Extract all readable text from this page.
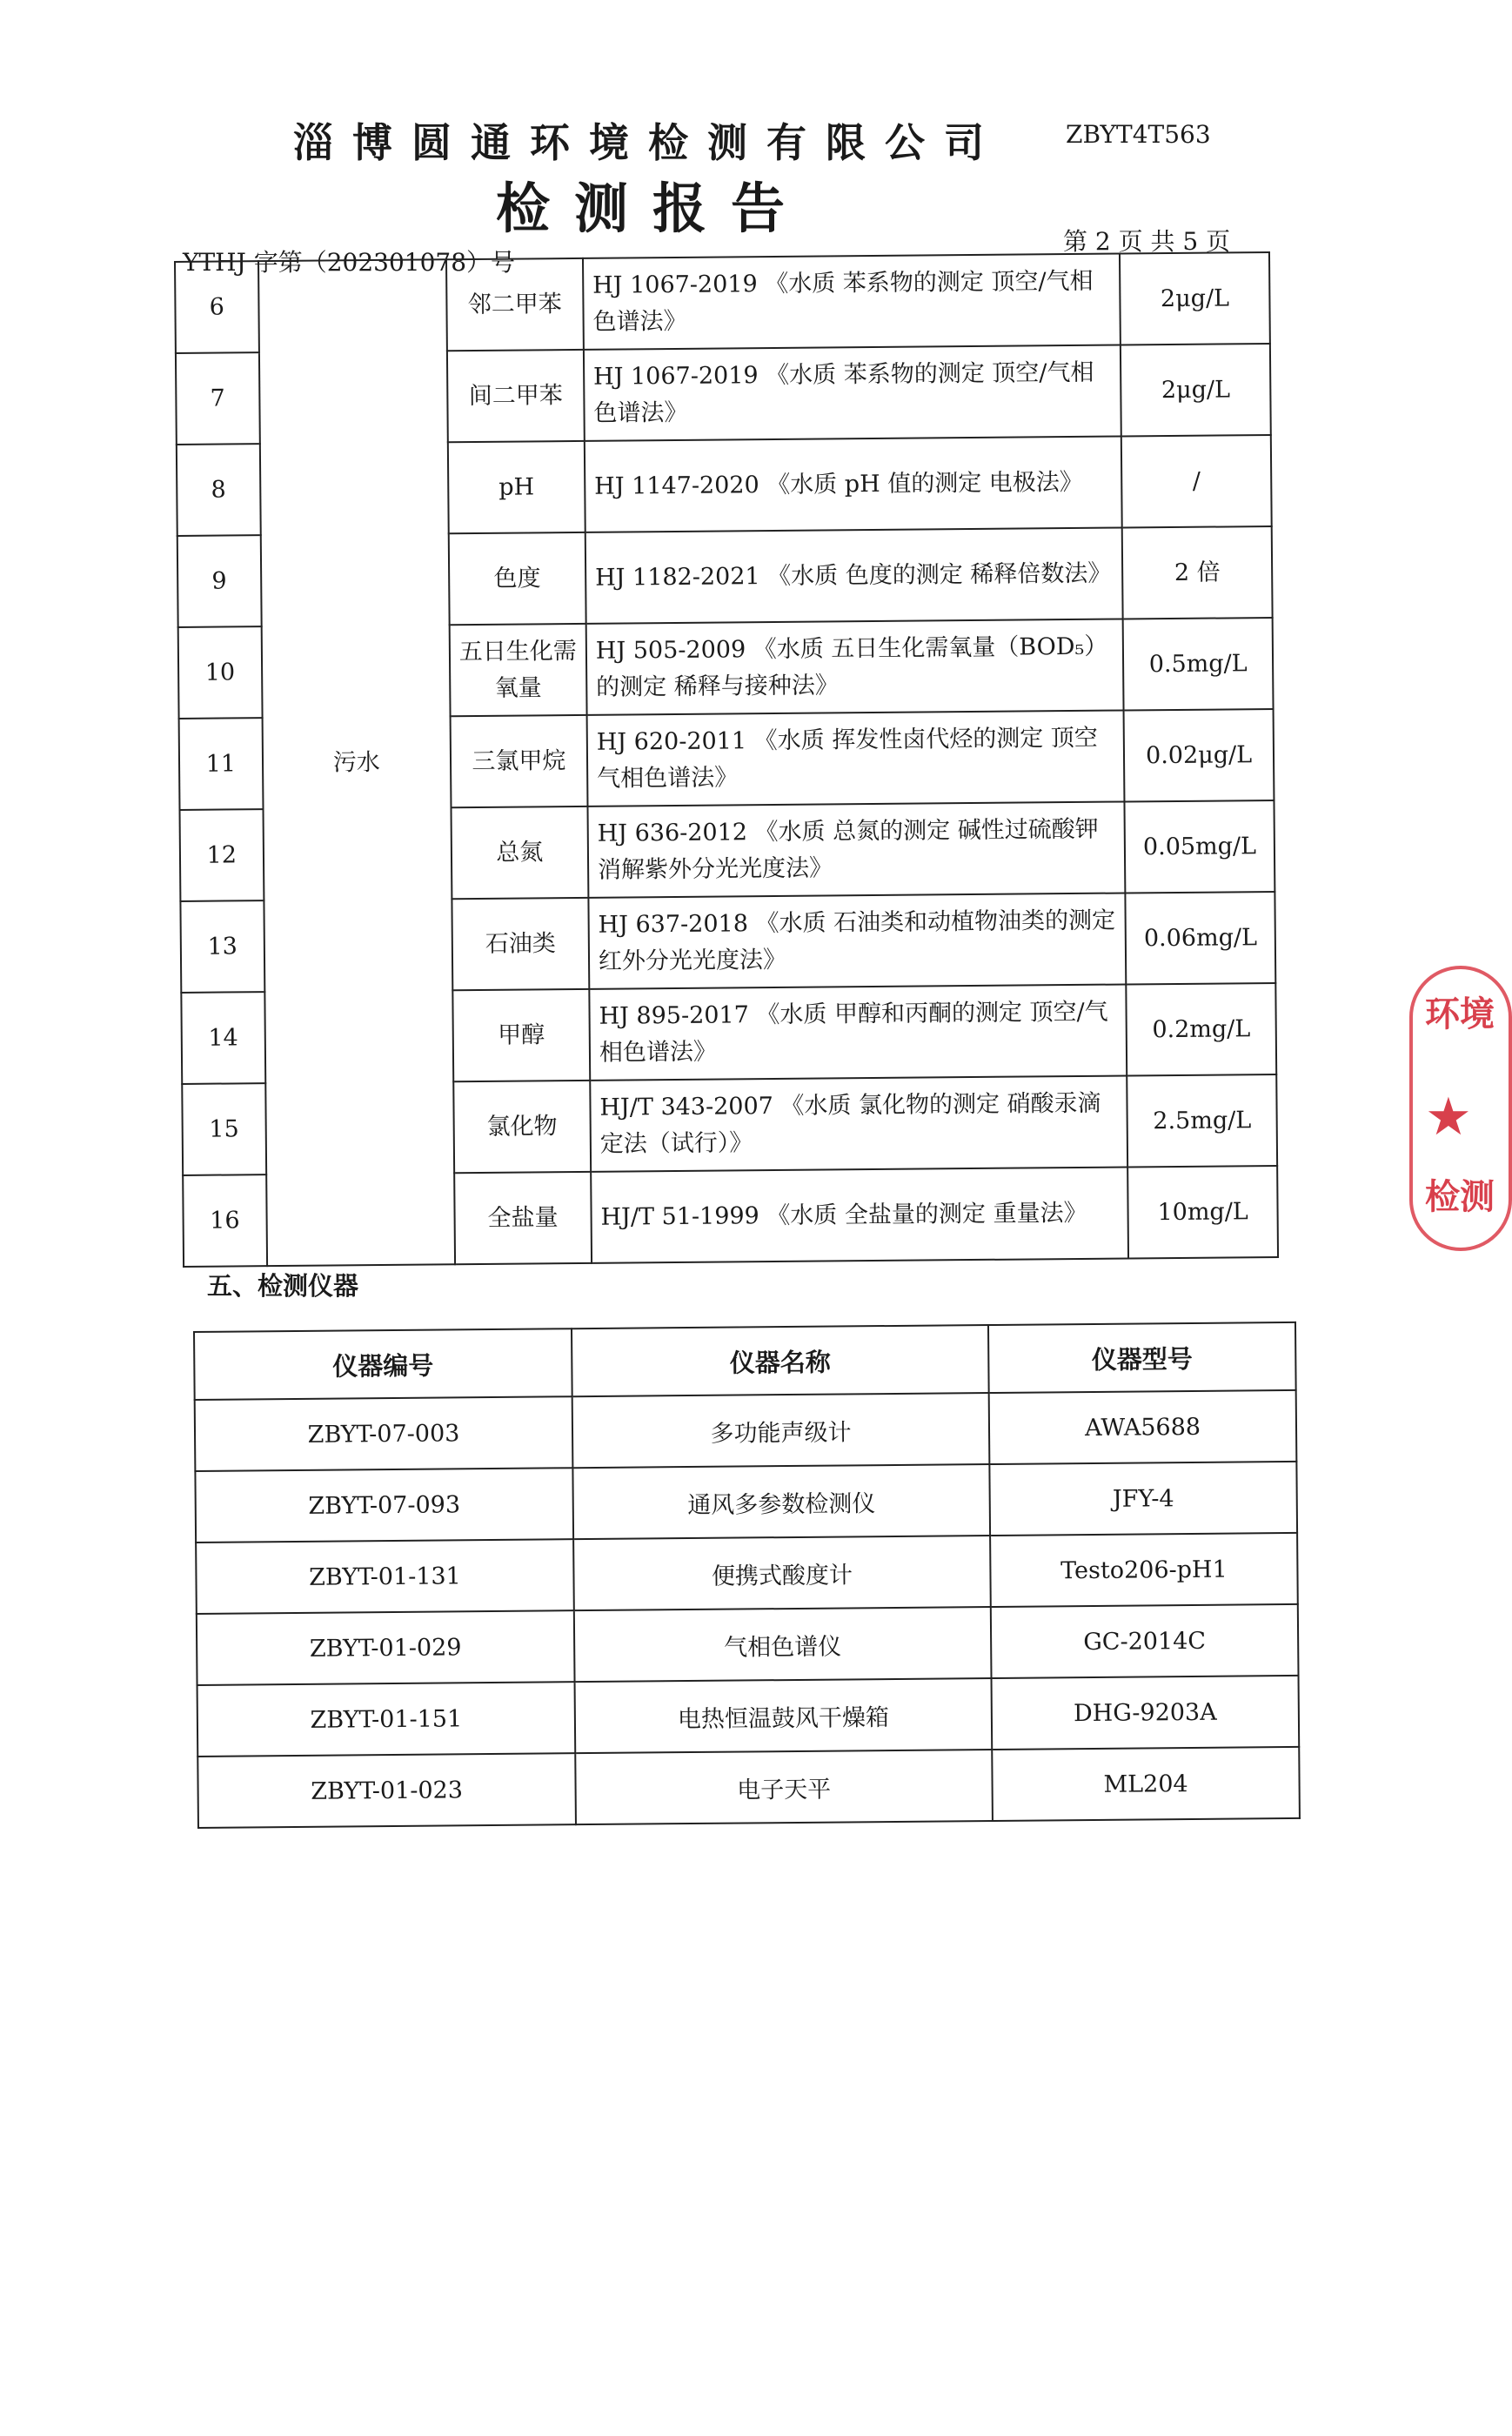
淄博圆通环境检测有限公司	ZBYT4T563
检测报告
第 2 页 共 5 页
YTHJ 字第（202301078）号
6	污水	邻二甲苯	HJ 1067-2019 《水质 苯系物的测定 顶空/气相色谱法》	2μg/L
7		间二甲苯	HJ 1067-2019 《水质 苯系物的测定 顶空/气相色谱法》	2μg/L
8		pH	HJ 1147-2020 《水质 pH 值的测定 电极法》	/
9		色度	HJ 1182-2021 《水质 色度的测定 稀释倍数法》	2 倍
10		五日生化需氧量	HJ 505-2009 《水质 五日生化需氧量（BOD₅）的测定 稀释与接种法》	0.5mg/L
11		三氯甲烷	HJ 620-2011 《水质 挥发性卤代烃的测定 顶空气相色谱法》	0.02μg/L
12		总氮	HJ 636-2012 《水质 总氮的测定 碱性过硫酸钾消解紫外分光光度法》	0.05mg/L
13		石油类	HJ 637-2018 《水质 石油类和动植物油类的测定 红外分光光度法》	0.06mg/L
14		甲醇	HJ 895-2017 《水质 甲醇和丙酮的测定 顶空/气相色谱法》	0.2mg/L
15		氯化物	HJ/T 343-2007 《水质 氯化物的测定 硝酸汞滴定法（试行）》	2.5mg/L
16		全盐量	HJ/T 51-1999 《水质 全盐量的测定 重量法》	10mg/L
五、检测仪器
仪器编号	仪器名称	仪器型号
ZBYT-07-003	多功能声级计	AWA5688
ZBYT-07-093	通风多参数检测仪	JFY-4
ZBYT-01-131	便携式酸度计	Testo206-pH1
ZBYT-01-029	气相色谱仪	GC-2014C
ZBYT-01-151	电热恒温鼓风干燥箱	DHG-9203A
ZBYT-01-023	电子天平	ML204
环境
★
检测
